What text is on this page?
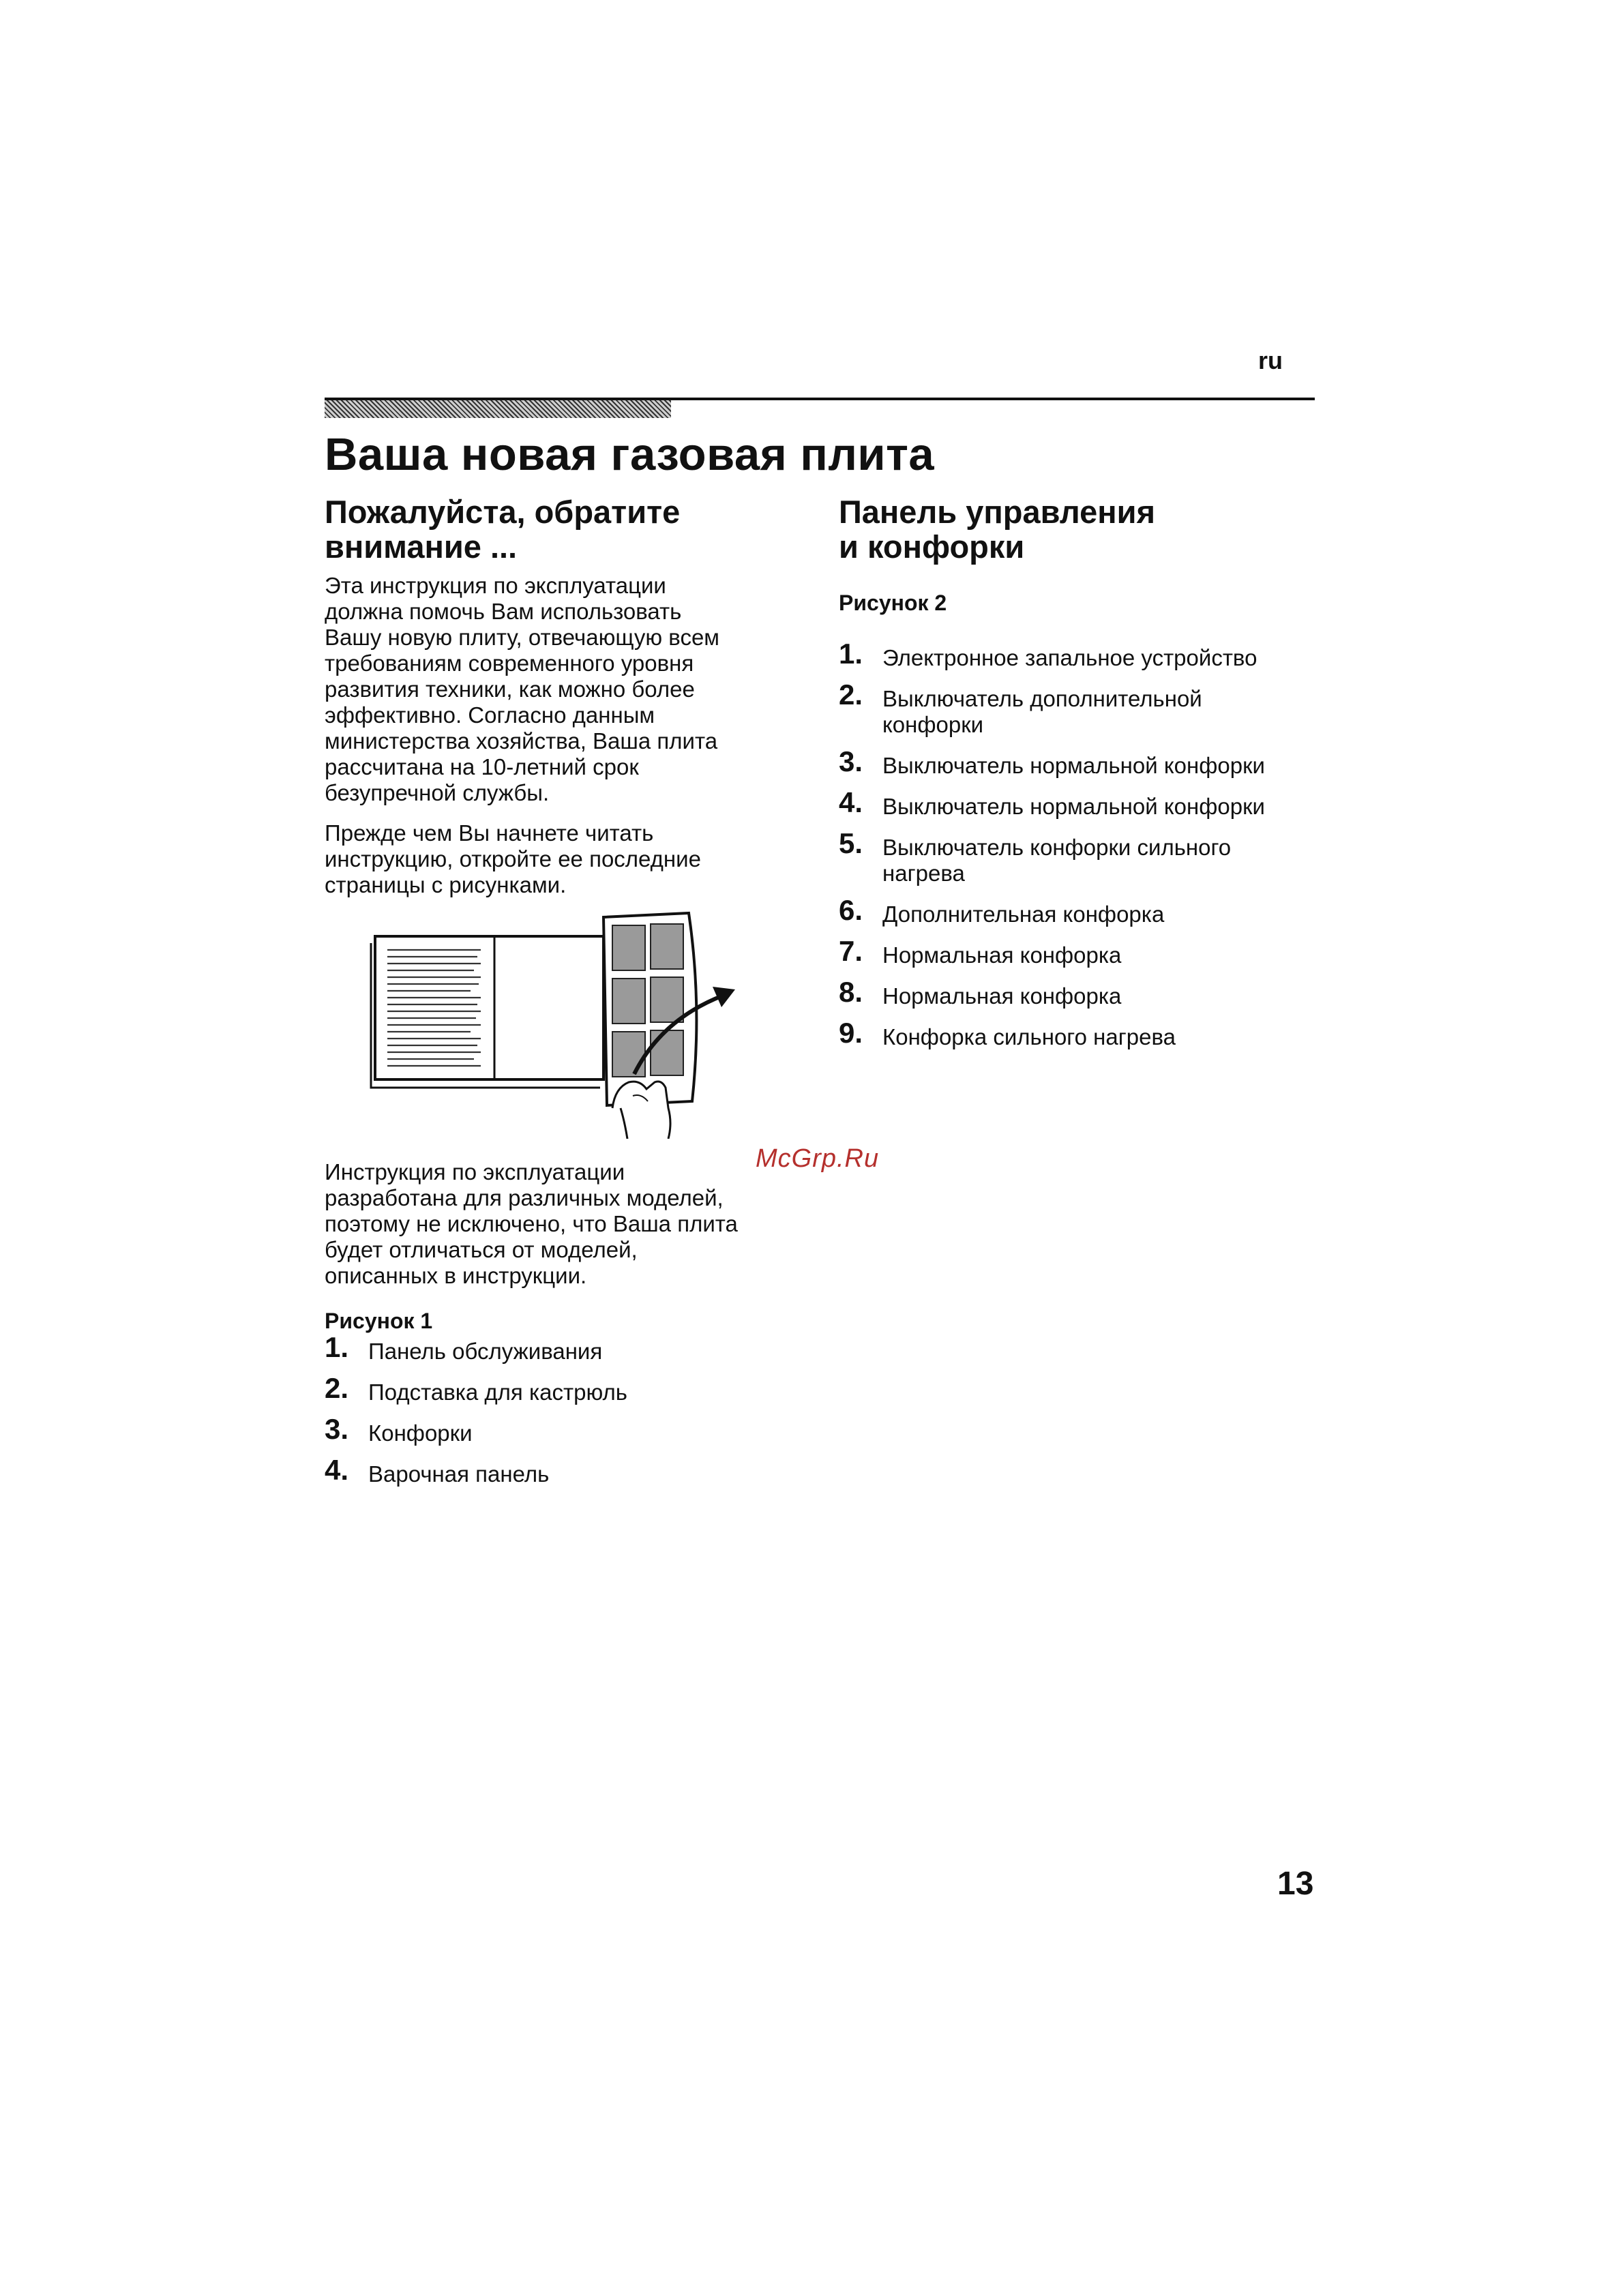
ru
Ваша новая газовая плита
Пожалуйста, обратите
внимание ...
Эта инструкция по эксплуатации
должна помочь Вам использовать
Вашу новую плиту, отвечающую всем
требованиям современного уровня
развития техники, как можно более
эффективно. Согласно данным
министерства хозяйства, Ваша плита
рассчитана на 10-летний срок
безупречной службы.
Прежде чем Вы начнете читать
инструкцию, откройте ее последние
страницы с рисунками.
Инструкция по эксплуатации
разработана для различных моделей,
поэтому не исключено, что Ваша плита
будет отличаться от моделей,
описанных в инструкции.
Рисунок 1
1. Панель обслуживания
2. Подставка для кастрюль
3. Конфорки
4. Варочная панель
Панель управления
и конфорки
Рисунок 2
1. Электронное запальное устройство
2. Выключатель дополнительной
конфорки
3. Выключатель нормальной конфорки
4. Выключатель нормальной конфорки
5. Выключатель конфорки сильного
нагрева
6. Дополнительная конфорка
7. Нормальная конфорка
8. Нормальная конфорка
9. Конфорка сильного нагрева
McGrp.Ru
13
